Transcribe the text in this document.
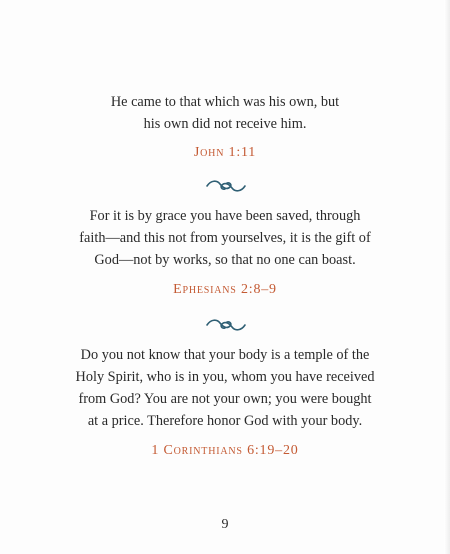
He came to that which was his own, but
his own did not receive him.
John 1:11
For it is by grace you have been saved, through
faith—and this not from yourselves, it is the gift of
God—not by works, so that no one can boast.
Ephesians 2:8–9
Do you not know that your body is a temple of the
Holy Spirit, who is in you, whom you have received
from God? You are not your own; you were bought
at a price. Therefore honor God with your body.
1 Corinthians 6:19–20
9
